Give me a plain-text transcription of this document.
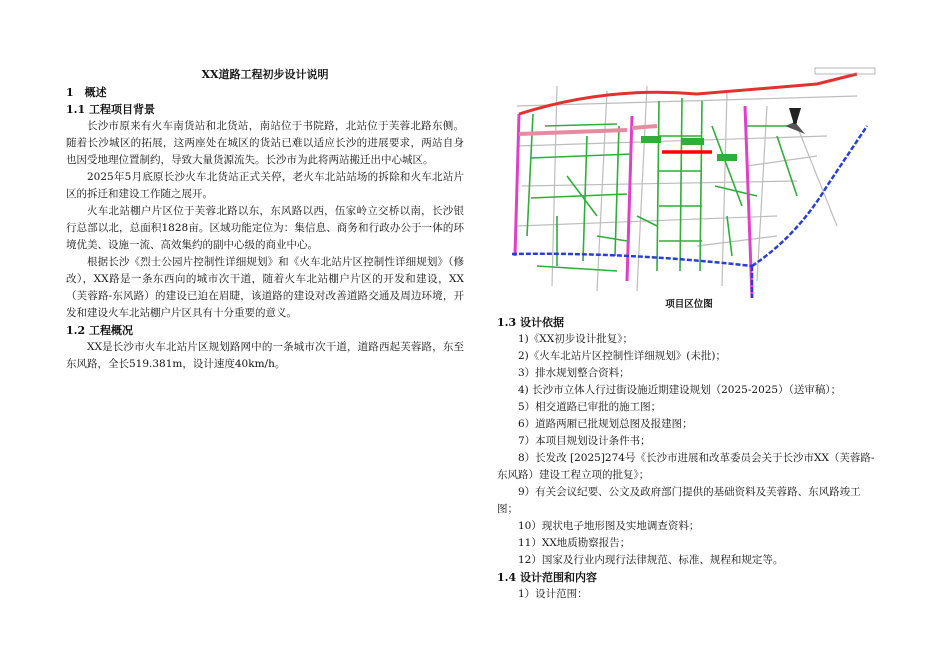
XX道路工程初步设计说明

1　概述

1.1 工程项目背景

长沙市原来有火车南货站和北货站，南站位于书院路，北站位于芙蓉北路东侧。随着长沙城区的拓展，这两座处在城区的货站已难以适应长沙的进展要求，两站自身也因受地理位置制约，导致大量货源流失。长沙市为此将两站搬迁出中心城区。

2025年5月底原长沙火车北货站正式关停，老火车北站站场的拆除和火车北站片区的拆迁和建设工作随之展开。

火车北站棚户片区位于芙蓉北路以东，东风路以西，伍家岭立交桥以南，长沙银行总部以北，总面积1828亩。区域功能定位为：集信息、商务和行政办公于一体的环境优美、设施一流、高效集约的副中心级的商业中心。

根据长沙《烈士公园片控制性详细规划》和《火车北站片区控制性详细规划》（修改），XX路是一条东西向的城市次干道，随着火车北站棚户片区的开发和建设，XX（芙蓉路-东风路）的建设已迫在眉睫，该道路的建设对改善道路交通及周边环境，开发和建设火车北站棚户片区具有十分重要的意义。

1.2 工程概况

XX是长沙市火车北站片区规划路网中的一条城市次干道，道路西起芙蓉路，东至东风路，全长519.381m，设计速度40km/h。

项目区位图

1.3 设计依据

1)《XX初步设计批复》；

2)《火车北站片区控制性详细规划》(未批)；

3）排水规划整合资料；

4) 长沙市立体人行过街设施近期建设规划（2025-2025）（送审稿）；

5）相交道路已审批的施工图；

6）道路两厢已批规划总图及报建图；

7）本项目规划设计条件书；

8）长发改 [2025]274号《长沙市进展和改革委员会关于长沙市XX（芙蓉路-东风路）建设工程立项的批复》；

9）有关会议纪要、公文及政府部门提供的基础资料及芙蓉路、东风路竣工图；

10）现状电子地形图及实地调查资料；

11）XX地质勘察报告；

12）国家及行业内现行法律规范、标准、规程和规定等。

1.4 设计范围和内容

1）设计范围：
